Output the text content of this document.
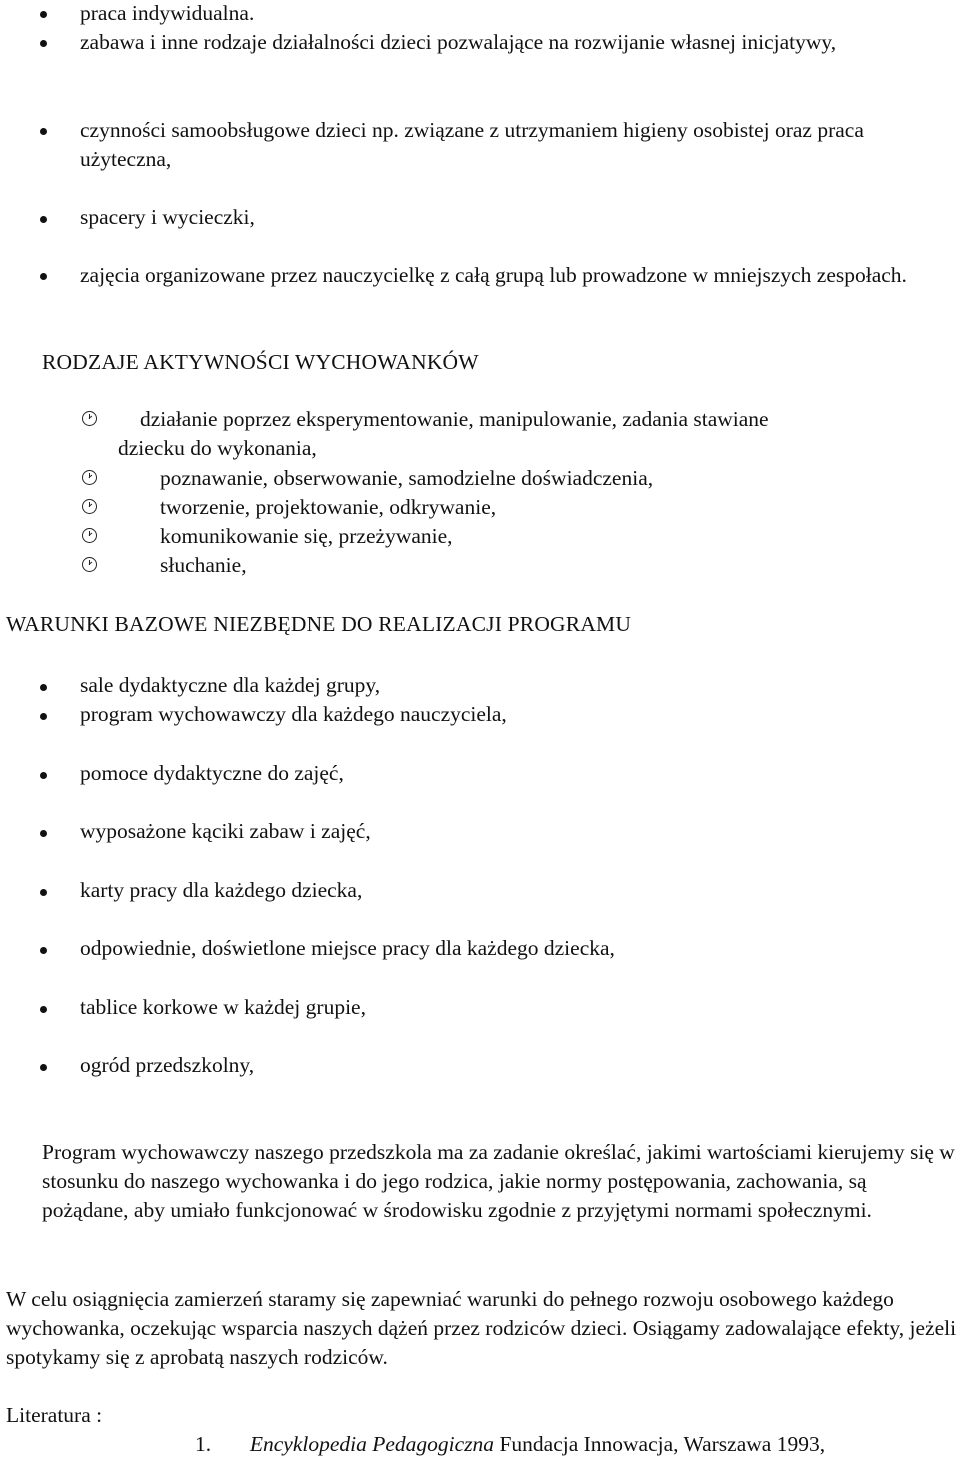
praca indywidualna.
zabawa i inne rodzaje działalności dzieci pozwalające na rozwijanie własnej inicjatywy,
czynności samoobsługowe dzieci np. związane z utrzymaniem higieny osobistej oraz praca użyteczna,
spacery i wycieczki,
zajęcia organizowane przez nauczycielkę z całą grupą lub prowadzone w mniejszych zespołach.
RODZAJE AKTYWNOŚCI WYCHOWANKÓW
działanie poprzez eksperymentowanie, manipulowanie, zadania stawiane
dziecku do wykonania,
poznawanie, obserwowanie, samodzielne doświadczenia,
tworzenie, projektowanie, odkrywanie,
komunikowanie się, przeżywanie,
słuchanie,
WARUNKI BAZOWE NIEZBĘDNE DO REALIZACJI PROGRAMU
sale dydaktyczne dla każdej grupy,
program wychowawczy dla każdego nauczyciela,
pomoce dydaktyczne do zajęć,
wyposażone kąciki zabaw i zajęć,
karty pracy dla każdego dziecka,
odpowiednie, doświetlone miejsce pracy dla każdego dziecka,
tablice korkowe w każdej grupie,
ogród przedszkolny,
Program wychowawczy naszego przedszkola ma za zadanie określać, jakimi wartościami kierujemy się w stosunku do naszego wychowanka i do jego rodzica, jakie normy postępowania, zachowania, są pożądane, aby umiało funkcjonować w środowisku zgodnie z przyjętymi normami społecznymi.
W celu osiągnięcia zamierzeń staramy się zapewniać warunki do pełnego rozwoju osobowego każdego wychowanka, oczekując wsparcia naszych dążeń przez rodziców dzieci. Osiągamy zadowalające efekty, jeżeli spotykamy się z aprobatą naszych rodziców.
Literatura :
1. Encyklopedia Pedagogiczna Fundacja Innowacja, Warszawa 1993,
